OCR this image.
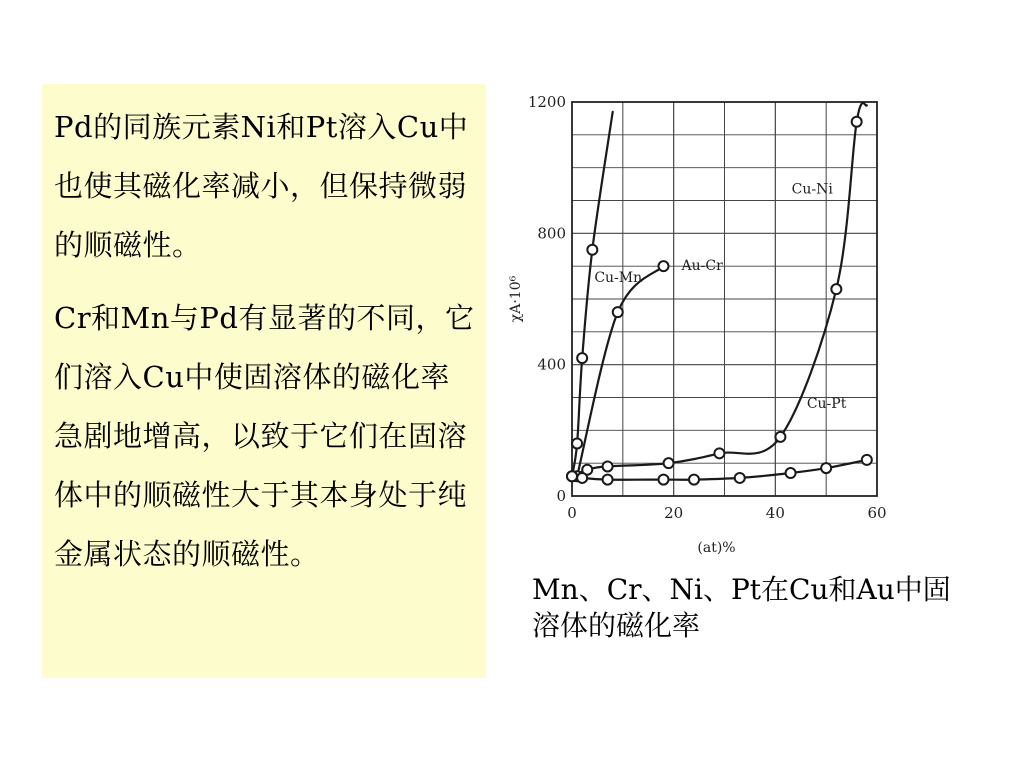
Pd的同族元素Ni和Pt溶入Cu中也使其磁化率减小，但保持微弱的顺磁性。

Cr和Mn与Pd有显著的不同，它们溶入Cu中使固溶体的磁化率急剧地增高，以致于它们在固溶体中的顺磁性大于其本身处于纯金属状态的顺磁性。

0	20	40	60
0
400
800
1200
(at)%
χA·10⁶	Cu-Mn
Au-Cr
Cu-Ni
Cu-Pt
Mn、Cr、Ni、Pt在Cu和Au中固溶体的磁化率
